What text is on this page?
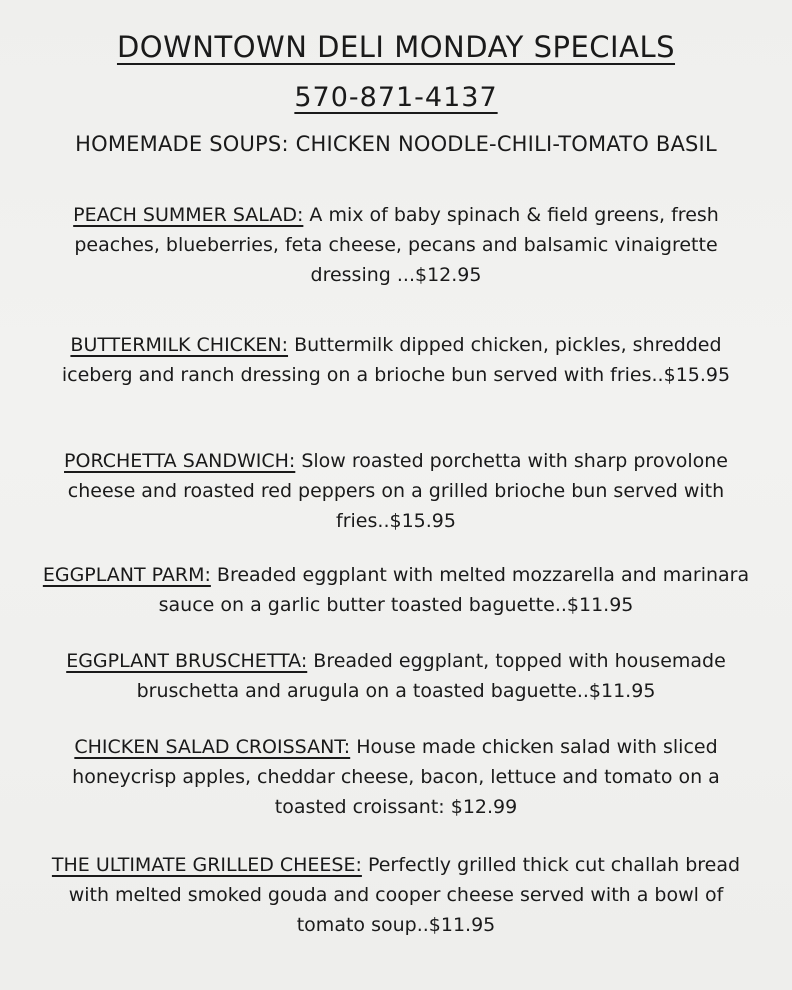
DOWNTOWN DELI MONDAY SPECIALS
570-871-4137
HOMEMADE SOUPS: CHICKEN NOODLE-CHILI-TOMATO BASIL
PEACH SUMMER SALAD: A mix of baby spinach & field greens, fresh peaches, blueberries, feta cheese, pecans and balsamic vinaigrette dressing ...$12.95
BUTTERMILK CHICKEN: Buttermilk dipped chicken, pickles, shredded iceberg and ranch dressing on a brioche bun served with fries..$15.95
PORCHETTA SANDWICH: Slow roasted porchetta with sharp provolone cheese and roasted red peppers on a grilled brioche bun served with fries..$15.95
EGGPLANT PARM: Breaded eggplant with melted mozzarella and marinara sauce on a garlic butter toasted baguette..$11.95
EGGPLANT BRUSCHETTA: Breaded eggplant, topped with housemade bruschetta and arugula on a toasted baguette..$11.95
CHICKEN SALAD CROISSANT: House made chicken salad with sliced honeycrisp apples, cheddar cheese, bacon, lettuce and tomato on a toasted croissant: $12.99
THE ULTIMATE GRILLED CHEESE: Perfectly grilled thick cut challah bread with melted smoked gouda and cooper cheese served with a bowl of tomato soup..$11.95
